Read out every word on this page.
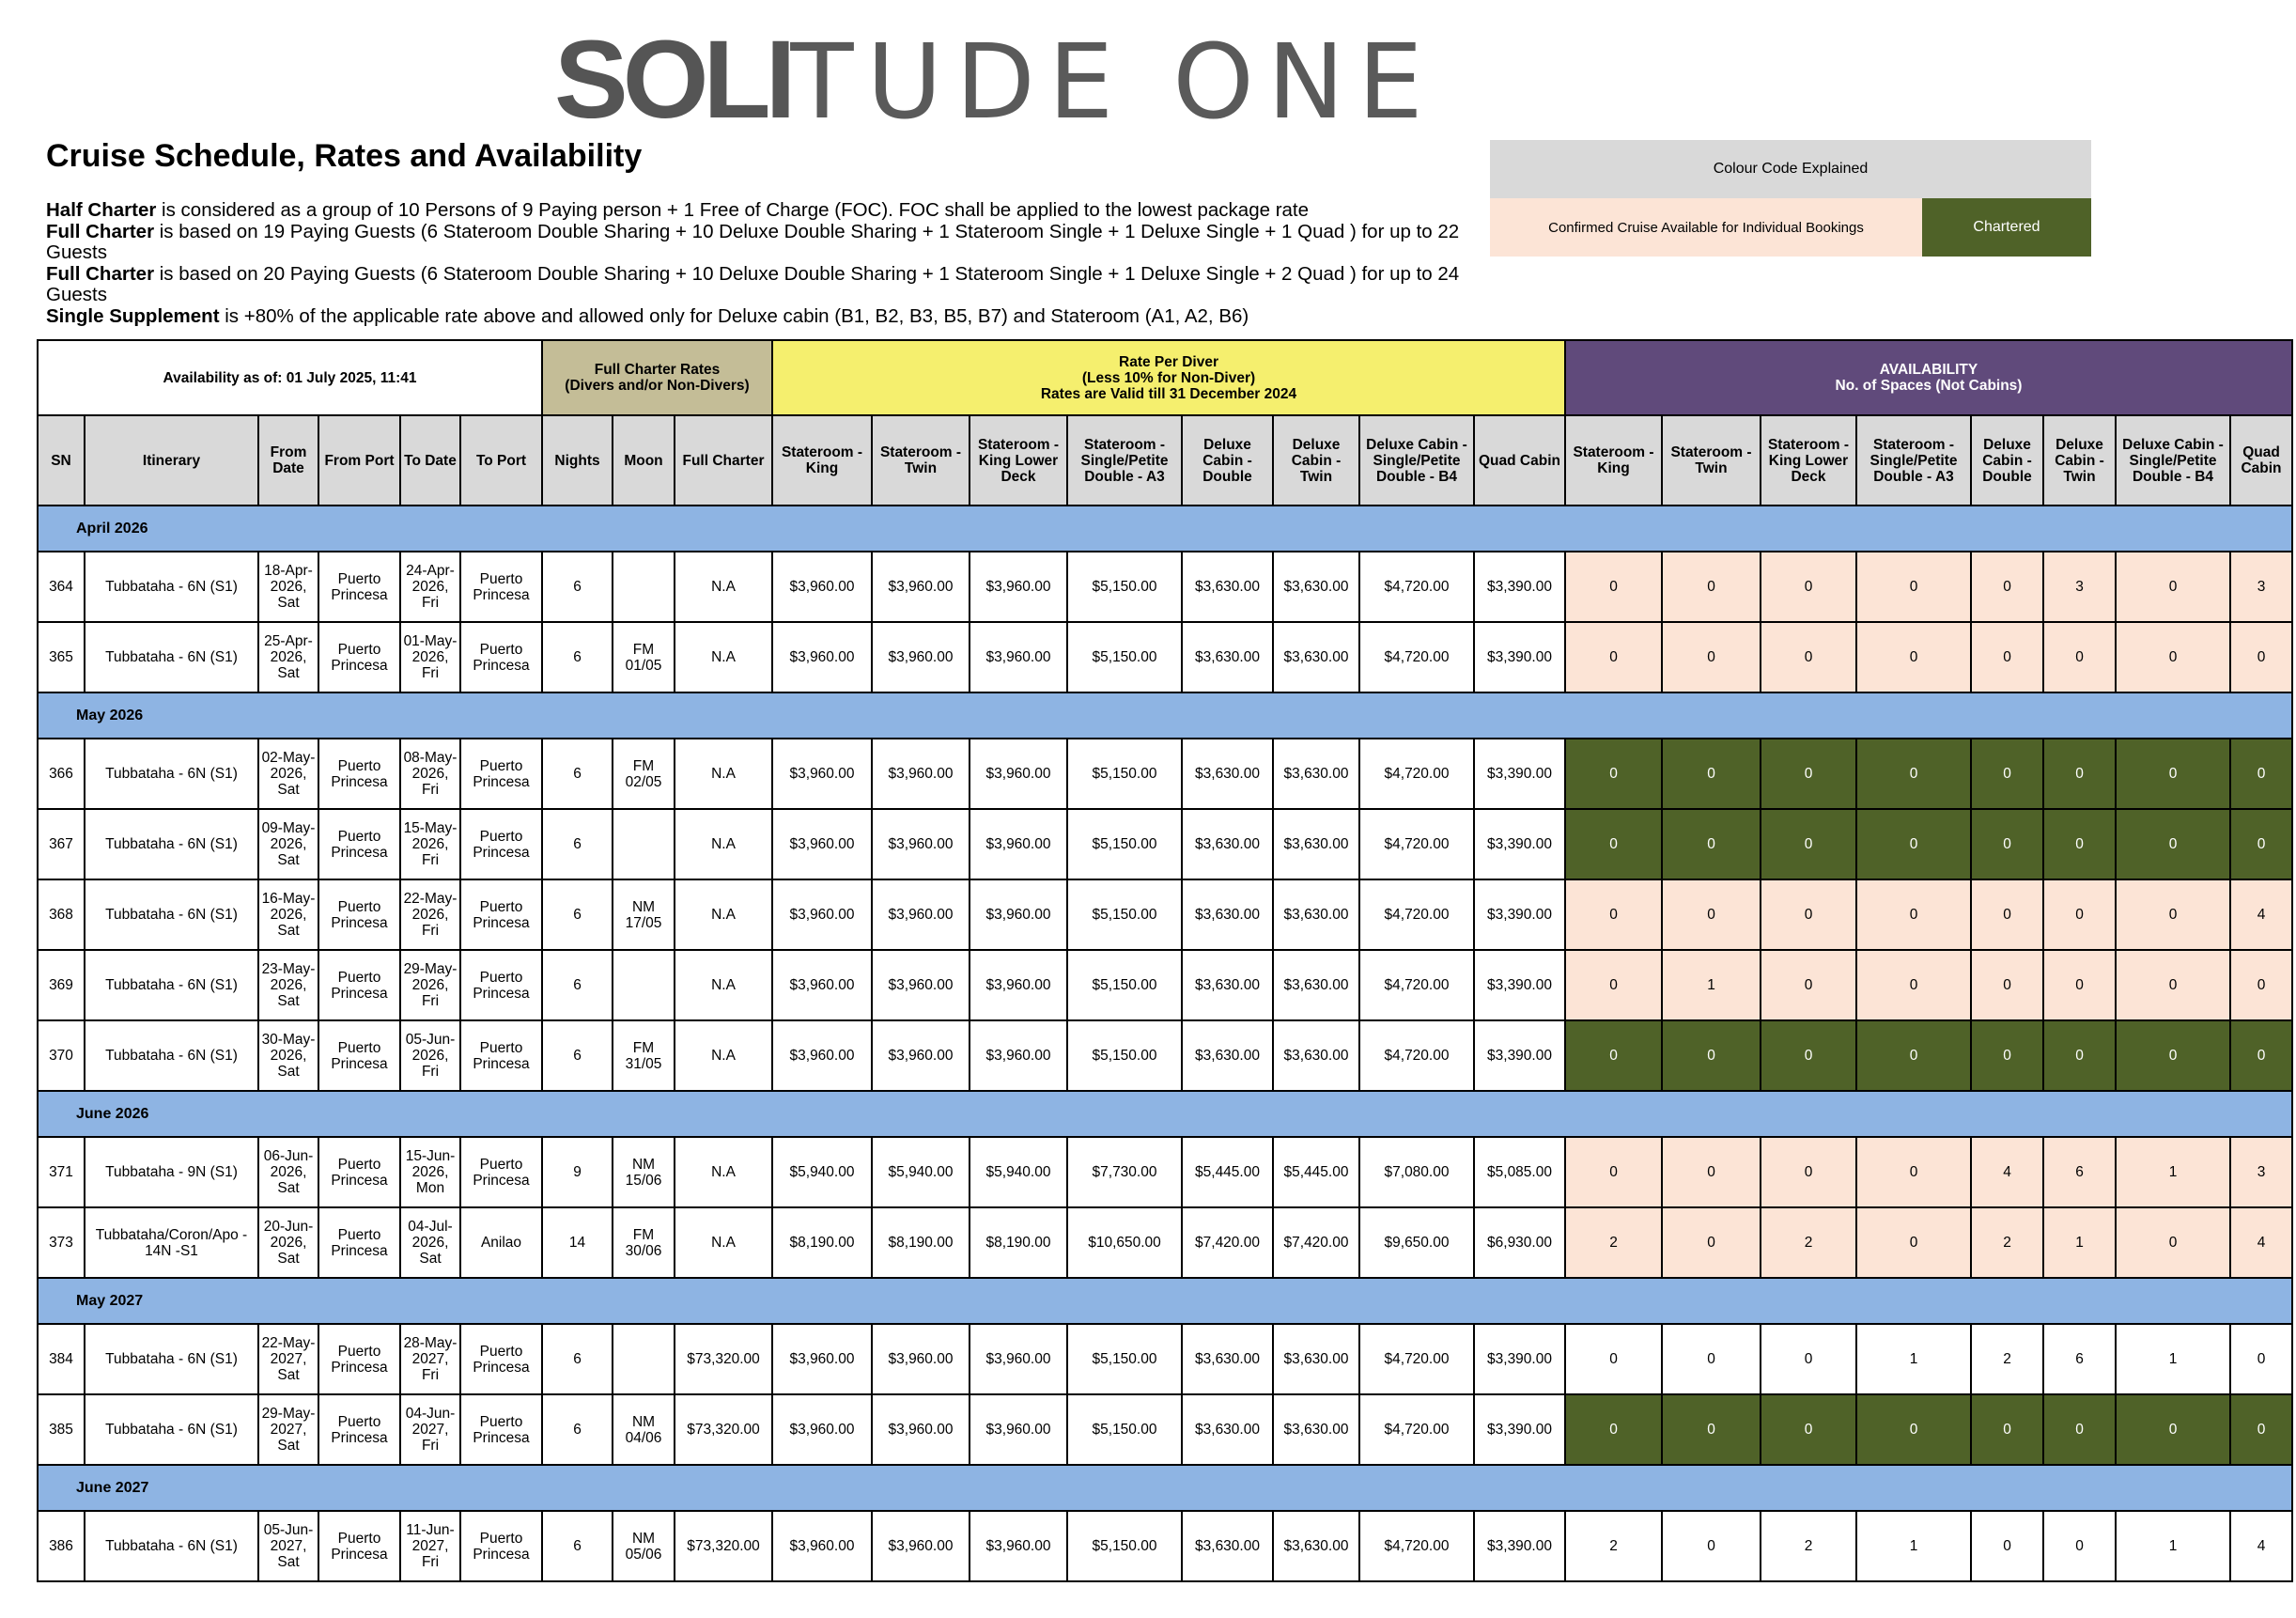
SOLITUDE ONE
Cruise Schedule, Rates and Availability

Half Charter is considered as a group of 10 Persons of 9 Paying person + 1 Free of Charge (FOC). FOC shall be applied to the lowest package rate

Full Charter is based on 19 Paying Guests (6 Stateroom Double Sharing + 10 Deluxe Double Sharing + 1 Stateroom Single + 1 Deluxe Single + 1 Quad ) for up to 22 Guests

Full Charter is based on 20 Paying Guests (6 Stateroom Double Sharing + 10 Deluxe Double Sharing + 1 Stateroom Single + 1 Deluxe Single + 2 Quad ) for up to 24 Guests

Single Supplement is +80% of the applicable rate above and allowed only for Deluxe cabin (B1, B2, B3, B5, B7) and Stateroom (A1, A2, B6)

Colour Code Explained
Confirmed Cruise Available for Individual Bookings	Chartered
Availability as of: 01 July 2025, 11:41						Full Charter Rates
(Divers and/or Non-Divers)			Rate Per Diver
(Less 10% for Non-Diver)
Rates are Valid till 31 December 2024								AVAILABILITY
No. of Spaces (Not Cabins)							
SN	Itinerary	From Date	From Port	To Date	To Port	Nights	Moon	Full Charter	Stateroom - King	Stateroom - Twin	Stateroom - King Lower Deck	Stateroom - Single/Petite Double - A3	Deluxe Cabin - Double	Deluxe Cabin - Twin	Deluxe Cabin - Single/Petite Double - B4	Quad Cabin	Stateroom - King	Stateroom - Twin	Stateroom - King Lower Deck	Stateroom - Single/Petite Double - A3	Deluxe Cabin - Double	Deluxe Cabin - Twin	Deluxe Cabin - Single/Petite Double - B4	Quad Cabin
April 2026																								
364	Tubbataha - 6N (S1)	18-Apr-2026, Sat	Puerto Princesa	24-Apr-2026, Fri	Puerto Princesa	6		N.A	$3,960.00	$3,960.00	$3,960.00	$5,150.00	$3,630.00	$3,630.00	$4,720.00	$3,390.00	0	0	0	0	0	3	0	3
365	Tubbataha - 6N (S1)	25-Apr-2026, Sat	Puerto Princesa	01-May-2026, Fri	Puerto Princesa	6	FM 01/05	N.A	$3,960.00	$3,960.00	$3,960.00	$5,150.00	$3,630.00	$3,630.00	$4,720.00	$3,390.00	0	0	0	0	0	0	0	0
May 2026																								
366	Tubbataha - 6N (S1)	02-May-2026, Sat	Puerto Princesa	08-May-2026, Fri	Puerto Princesa	6	FM 02/05	N.A	$3,960.00	$3,960.00	$3,960.00	$5,150.00	$3,630.00	$3,630.00	$4,720.00	$3,390.00	0	0	0	0	0	0	0	0
367	Tubbataha - 6N (S1)	09-May-2026, Sat	Puerto Princesa	15-May-2026, Fri	Puerto Princesa	6		N.A	$3,960.00	$3,960.00	$3,960.00	$5,150.00	$3,630.00	$3,630.00	$4,720.00	$3,390.00	0	0	0	0	0	0	0	0
368	Tubbataha - 6N (S1)	16-May-2026, Sat	Puerto Princesa	22-May-2026, Fri	Puerto Princesa	6	NM 17/05	N.A	$3,960.00	$3,960.00	$3,960.00	$5,150.00	$3,630.00	$3,630.00	$4,720.00	$3,390.00	0	0	0	0	0	0	0	4
369	Tubbataha - 6N (S1)	23-May-2026, Sat	Puerto Princesa	29-May-2026, Fri	Puerto Princesa	6		N.A	$3,960.00	$3,960.00	$3,960.00	$5,150.00	$3,630.00	$3,630.00	$4,720.00	$3,390.00	0	1	0	0	0	0	0	0
370	Tubbataha - 6N (S1)	30-May-2026, Sat	Puerto Princesa	05-Jun-2026, Fri	Puerto Princesa	6	FM 31/05	N.A	$3,960.00	$3,960.00	$3,960.00	$5,150.00	$3,630.00	$3,630.00	$4,720.00	$3,390.00	0	0	0	0	0	0	0	0
June 2026																								
371	Tubbataha - 9N (S1)	06-Jun-2026, Sat	Puerto Princesa	15-Jun-2026, Mon	Puerto Princesa	9	NM 15/06	N.A	$5,940.00	$5,940.00	$5,940.00	$7,730.00	$5,445.00	$5,445.00	$7,080.00	$5,085.00	0	0	0	0	4	6	1	3
373	Tubbataha/Coron/Apo - 14N -S1	20-Jun-2026, Sat	Puerto Princesa	04-Jul-2026, Sat	Anilao	14	FM 30/06	N.A	$8,190.00	$8,190.00	$8,190.00	$10,650.00	$7,420.00	$7,420.00	$9,650.00	$6,930.00	2	0	2	0	2	1	0	4
May 2027																								
384	Tubbataha - 6N (S1)	22-May-2027, Sat	Puerto Princesa	28-May-2027, Fri	Puerto Princesa	6		$73,320.00	$3,960.00	$3,960.00	$3,960.00	$5,150.00	$3,630.00	$3,630.00	$4,720.00	$3,390.00	0	0	0	1	2	6	1	0
385	Tubbataha - 6N (S1)	29-May-2027, Sat	Puerto Princesa	04-Jun-2027, Fri	Puerto Princesa	6	NM 04/06	$73,320.00	$3,960.00	$3,960.00	$3,960.00	$5,150.00	$3,630.00	$3,630.00	$4,720.00	$3,390.00	0	0	0	0	0	0	0	0
June 2027																								
386	Tubbataha - 6N (S1)	05-Jun-2027, Sat	Puerto Princesa	11-Jun-2027, Fri	Puerto Princesa	6	NM 05/06	$73,320.00	$3,960.00	$3,960.00	$3,960.00	$5,150.00	$3,630.00	$3,630.00	$4,720.00	$3,390.00	2	0	2	1	0	0	1	4
